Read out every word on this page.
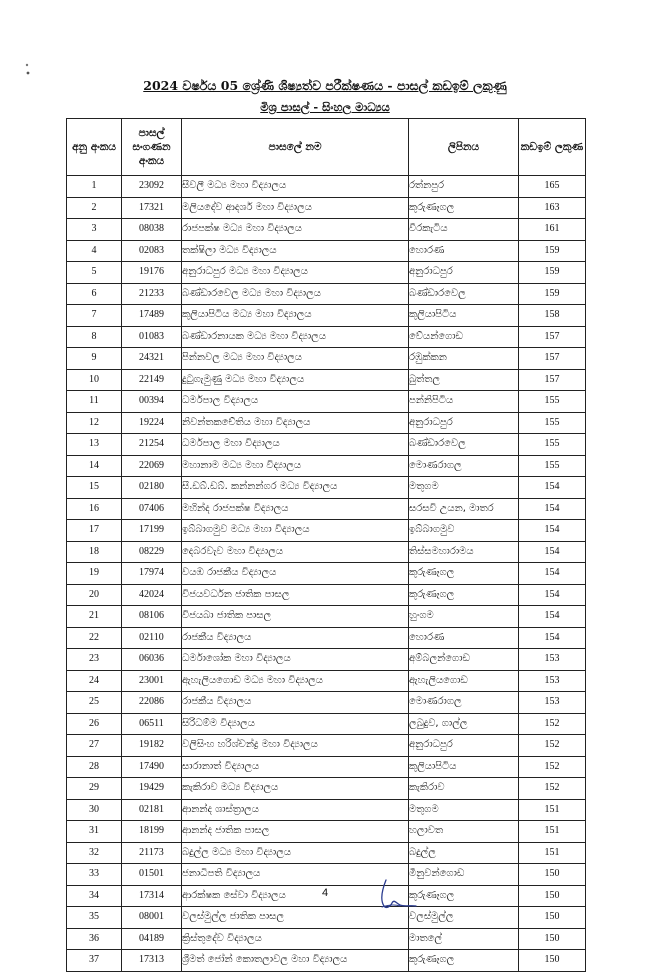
2024 වර්ෂය 05 ශ්‍රේණි ශිෂ්‍යත්ව පරීක්ෂණය - පාසල් කඩඉම් ලකුණු
මිශ්‍ර පාසල් - සිංහල මාධ්‍යය
අනු අංකය	පාසල් සංගණන අංකය	පාසලේ නම	ලිපිනය	කඩඉම් ලකුණ
1	23092	සීවලී මධ්‍ය මහා විද්‍යාලය	රත්නපුර	165
2	17321	මලියදේව ආදර්ශ මහා විද්‍යාලය	කුරුණෑගල	163
3	08038	රාජපක්ෂ මධ්‍ය මහා විද්‍යාලය	වීරකැටිය	161
4	02083	තක්ෂිලා මධ්‍ය විද්‍යාලය	හොරණ	159
5	19176	අනුරාධපුර මධ්‍ය මහා විද්‍යාලය	අනුරාධපුර	159
6	21233	බණ්ඩාරවෙල මධ්‍ය මහා විද්‍යාලය	බණ්ඩාරවෙල	159
7	17489	කුලියාපිටිය මධ්‍ය මහා විද්‍යාලය	කුලියාපිටිය	158
8	01083	බණ්ඩාරනායක මධ්‍ය මහා විද්‍යාලය	වේයන්ගොඩ	157
9	24321	පින්නවල මධ්‍ය මහා විද්‍යාලය	රඹුක්කන	157
10	22149	දුටුගැමුණු මධ්‍ය මහා විද්‍යාලය	බුත්තල	157
11	00394	ධර්මපාල විද්‍යාලය	පන්නිපිටිය	155
12	19224	නිවන්තකචේතිය මහා විද්‍යාලය	අනුරාධපුර	155
13	21254	ධර්මපාල මහා විද්‍යාලය	බණ්ඩාරවෙල	155
14	22069	මහානාම මධ්‍ය මහා විද්‍යාලය	මොණරාගල	155
15	02180	සී.ඩබ්.ඩබ්. කන්නන්ගර මධ්‍ය විද්‍යාලය	මතුගම	154
16	07406	මහින්ද රාජපක්ෂ විද්‍යාලය	සරසවි උයන, මාතර	154
17	17199	ඉබ්බාගමුව මධ්‍ය මහා විද්‍යාලය	ඉබ්බාගමුව	154
18	08229	දෙබරවැව මහා විද්‍යාලය	තිස්සමහාරාමය	154
19	17974	වයඹ රාජකීය විද්‍යාලය	කුරුණෑගල	154
20	42024	විජයවර්ධන ජාතික පාසල	කුරුණෑගල	154
21	08106	විජයබා ජාතික පාසල	හුංගම	154
22	02110	රාජකීය විද්‍යාලය	හොරණ	154
23	06036	ධර්මාශෝක මහා විද්‍යාලය	අම්බලන්ගොඩ	153
24	23001	ඇහැලියගොඩ මධ්‍ය මහා විද්‍යාලය	ඇහැලියගොඩ	153
25	22086	රාජකීය විද්‍යාලය	මොණරාගල	153
26	06511	සිරිධම්ම විද්‍යාලය	ලබුදුව, ගාල්ල	152
27	19182	වලිසිංහ හරිශ්චන්ද්‍ර මහා විද්‍යාලය	අනුරාධපුර	152
28	17490	සාරානාත් විද්‍යාලය	කුලියාපිටිය	152
29	19429	කැකිරාව මධ්‍ය විද්‍යාලය	කැකිරාව	152
30	02181	ආනන්ද ශාස්ත්‍රාලය	මතුගම	151
31	18199	ආනන්ද ජාතික පාසල	හලාවත	151
32	21173	බදුල්ල මධ්‍ය මහා විද්‍යාලය	බදුල්ල	151
33	01501	ජනාධිපති විද්‍යාලය	මීනුවන්ගොඩ	150
34	17314	ආරක්ෂක සේවා විද්‍යාලය	කුරුණෑගල	150
35	08001	වලස්මුල්ල ජාතික පාසල	වලස්මුල්ල	150
36	04189	ක්‍රිස්තුදේව විද්‍යාලය	මාතලේ	150
37	17313	ශ්‍රීමත් ජෝන් කොතලාවල මහා විද්‍යාලය	කුරුණෑගල	150
4
